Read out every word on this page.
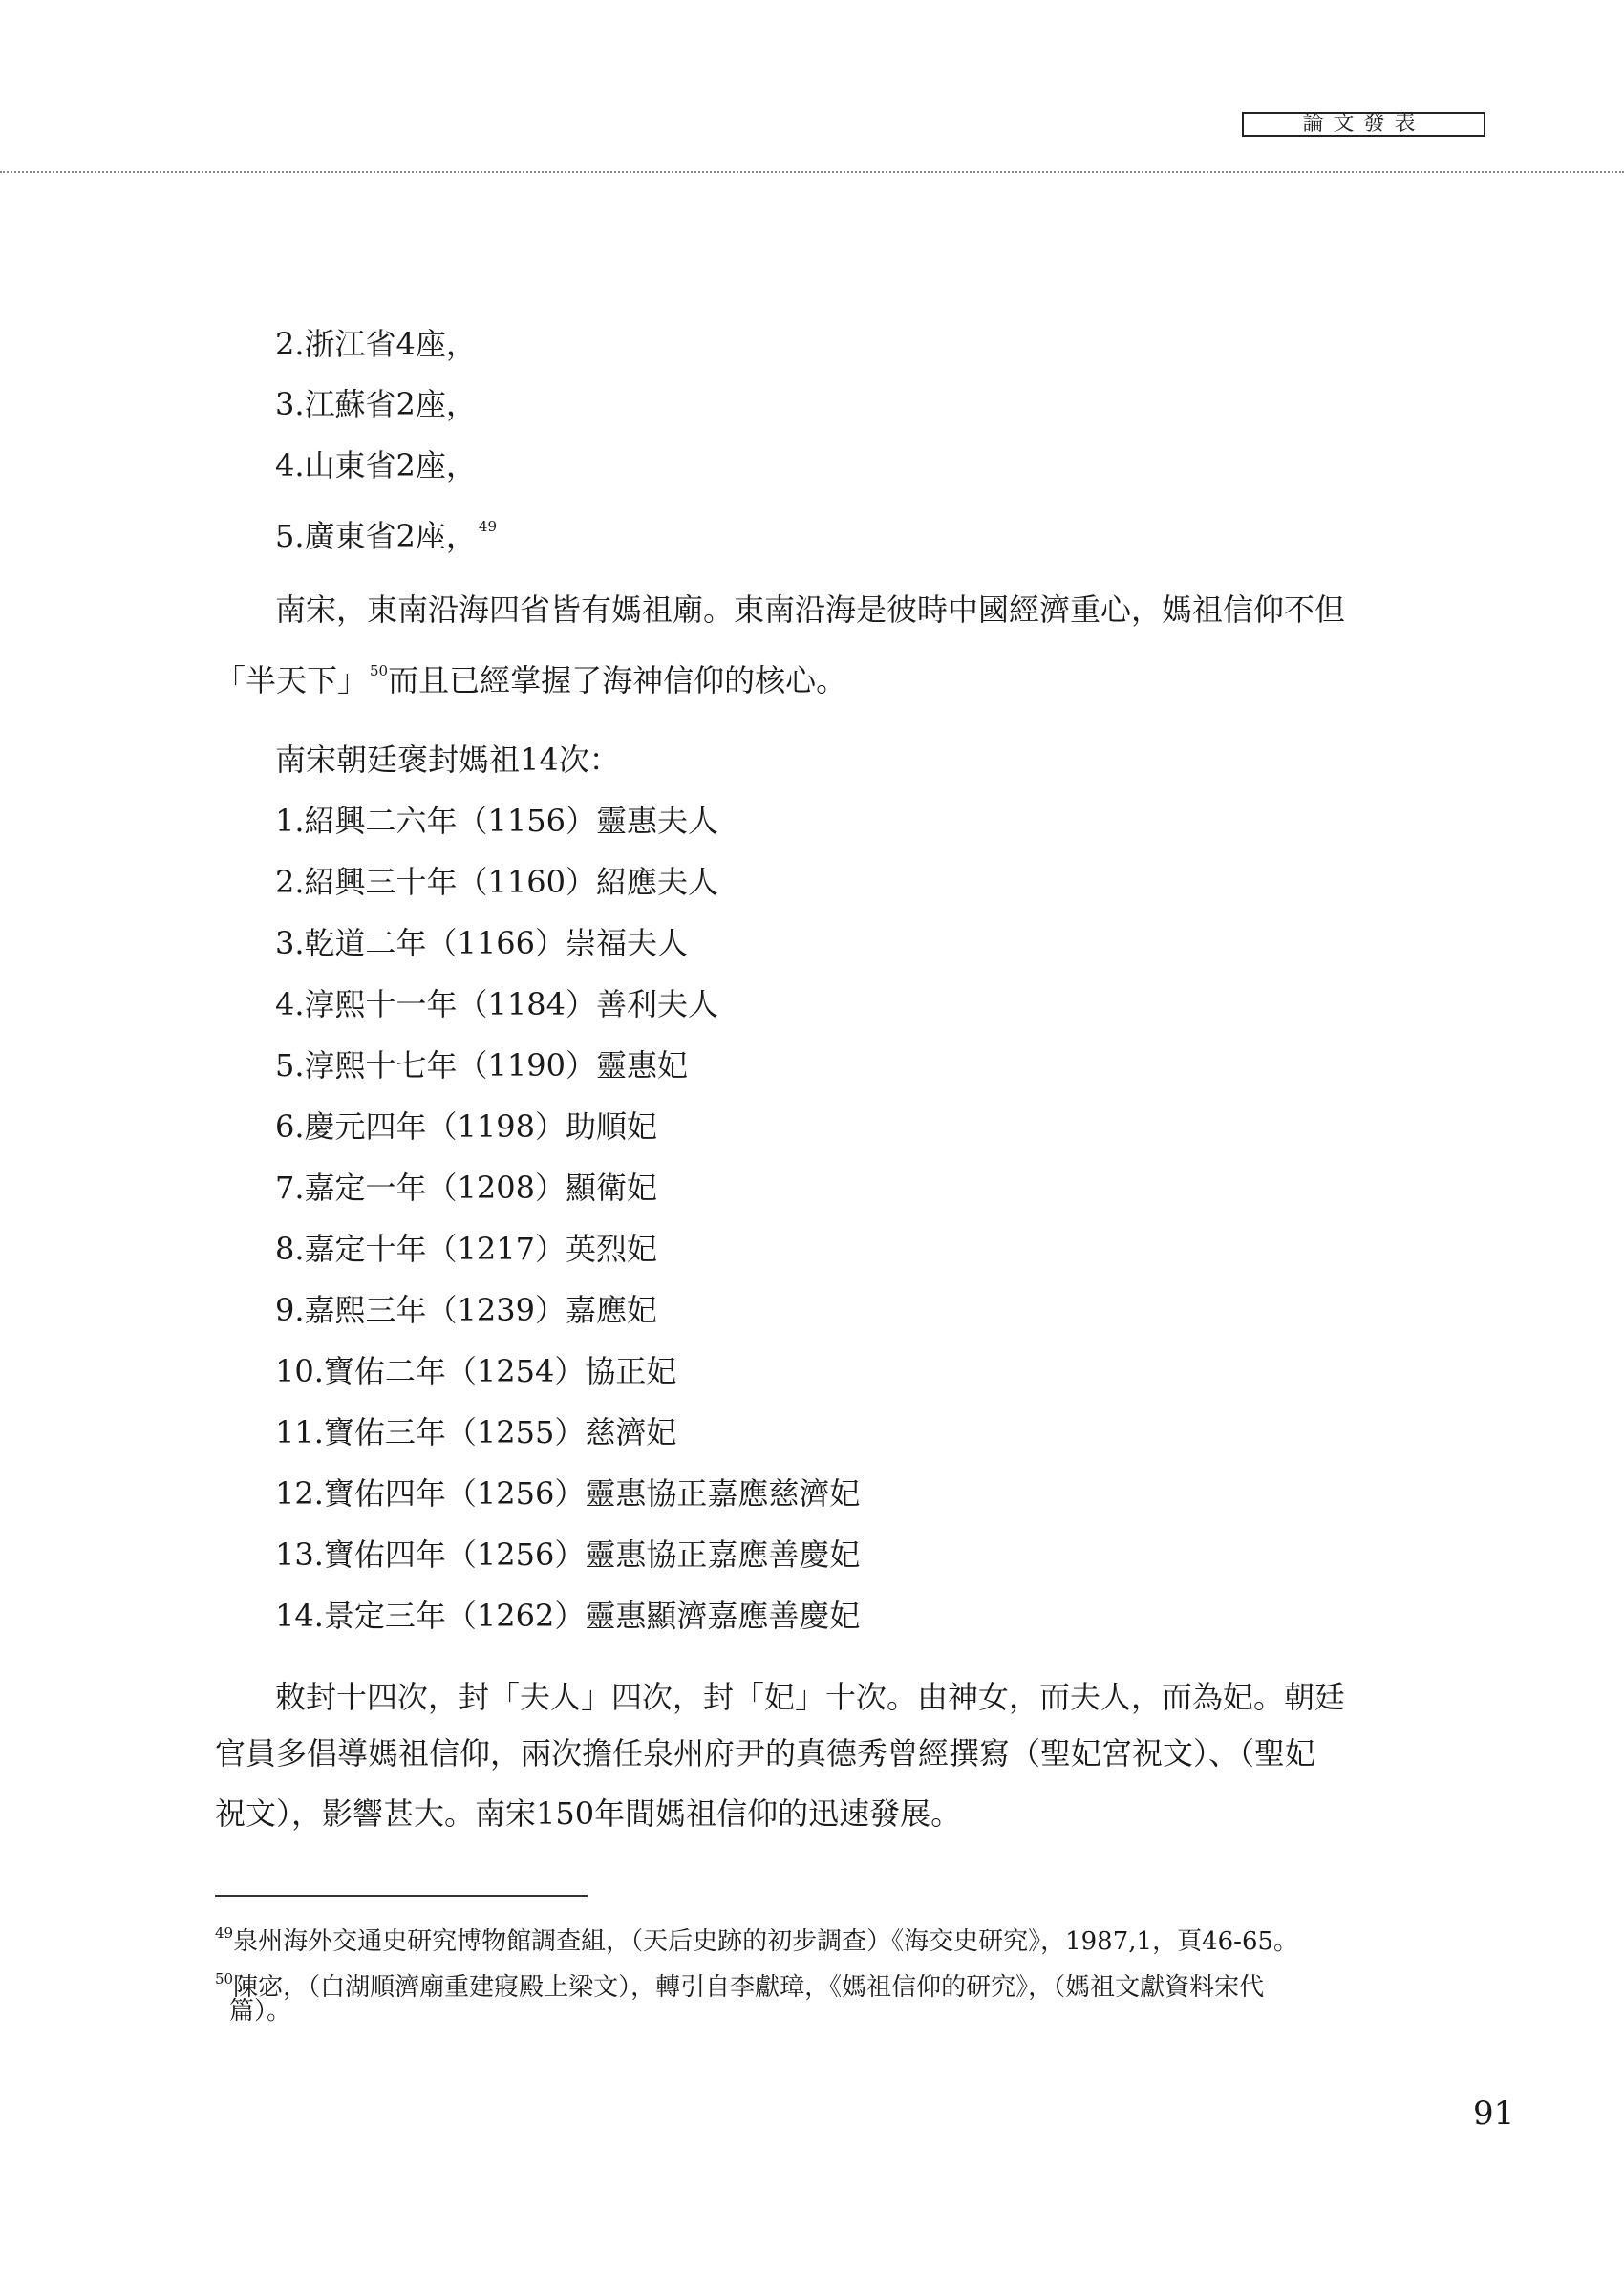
論文發表
2.浙江省4座，
3.江蘇省2座，
4.山東省2座，
5.廣東省2座， $^{49}$
南宋，東南沿海四省皆有媽祖廟。東南沿海是彼時中國經濟重心，媽祖信仰不但
「半天下」 $^{50}$而且已經掌握了海神信仰的核心。
南宋朝廷褒封媽祖14次：
1.紹興二六年（1156）靈惠夫人
2.紹興三十年（1160）紹應夫人
3.乾道二年（1166）崇福夫人
4.淳熙十一年（1184）善利夫人
5.淳熙十七年（1190）靈惠妃
6.慶元四年（1198）助順妃
7.嘉定一年（1208）顯衛妃
8.嘉定十年（1217）英烈妃
9.嘉熙三年（1239）嘉應妃
10.寶佑二年（1254）協正妃
11.寶佑三年（1255）慈濟妃
12.寶佑四年（1256）靈惠協正嘉應慈濟妃
13.寶佑四年（1256）靈惠協正嘉應善慶妃
14.景定三年（1262）靈惠顯濟嘉應善慶妃
敕封十四次，封「夫人」四次，封「妃」十次。由神女，而夫人，而為妃。朝廷
官員多倡導媽祖信仰，兩次擔任泉州府尹的真德秀曾經撰寫（聖妃宮祝文）、（聖妃
祝文），影響甚大。南宋150年間媽祖信仰的迅速發展。
$^{49}$泉州海外交通史研究博物館調查組，（天后史跡的初步調查）《海交史研究》，1987,1，頁46-65。
$^{50}$陳宓，（白湖順濟廟重建寢殿上梁文），轉引自李獻璋，《媽祖信仰的研究》，（媽祖文獻資料宋代
篇）。
91
